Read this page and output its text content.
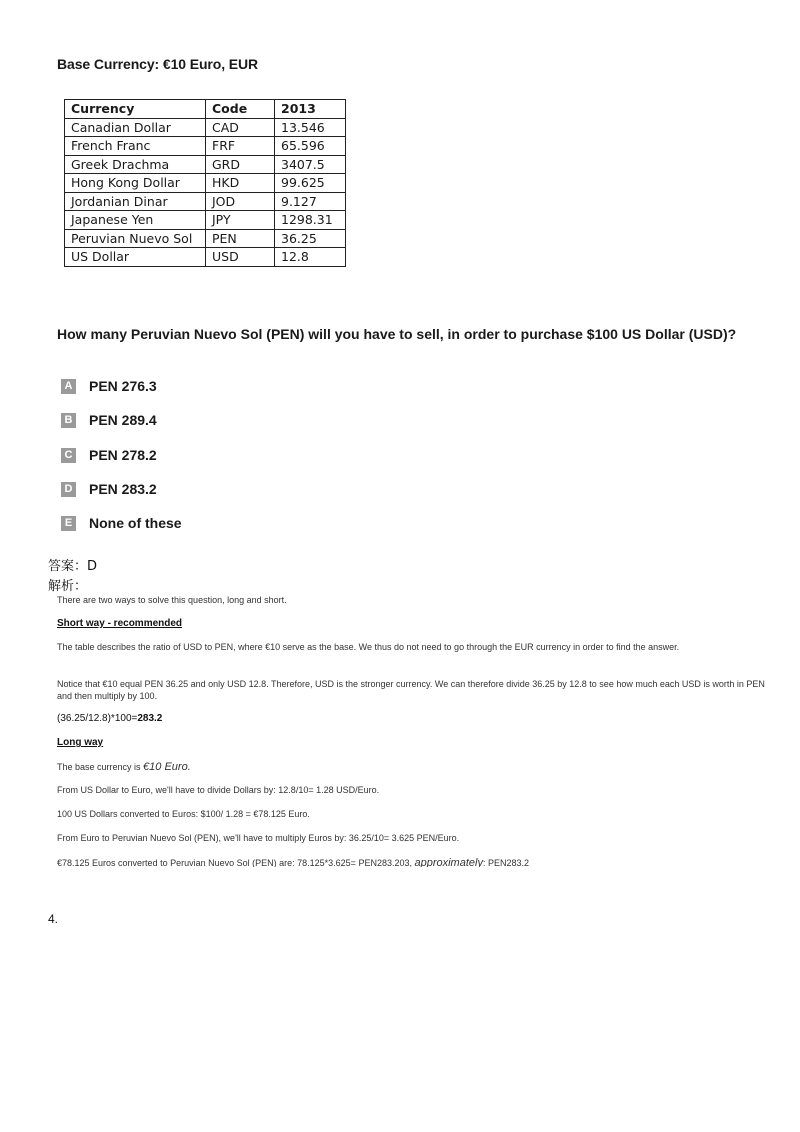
Base Currency: €10 Euro, EUR
Currency	Code	2013
Canadian Dollar	CAD	13.546
French Franc	FRF	65.596
Greek Drachma	GRD	3407.5
Hong Kong Dollar	HKD	99.625
Jordanian Dinar	JOD	9.127
Japanese Yen	JPY	1298.31
Peruvian Nuevo Sol	PEN	36.25
US Dollar	USD	12.8
How many Peruvian Nuevo Sol (PEN) will you have to sell, in order to purchase $100 US Dollar (USD)?
A PEN 276.3
B PEN 289.4
C PEN 278.2
D PEN 283.2
E None of these
答案：D
解析：
There are two ways to solve this question, long and short.
Short way - recommended
The table describes the ratio of USD to PEN, where €10 serve as the base. We thus do not need to go through the EUR currency in order to find the answer.
Notice that €10 equal PEN 36.25 and only USD 12.8. Therefore, USD is the stronger currency. We can therefore divide 36.25 by 12.8 to see how much each USD is worth in PEN and then multiply by 100.
(36.25/12.8)*100=283.2
Long way
The base currency is €10 Euro.
From US Dollar to Euro, we'll have to divide Dollars by: 12.8/10= 1.28 USD/Euro.
100 US Dollars converted to Euros: $100/ 1.28 = €78.125 Euro.
From Euro to Peruvian Nuevo Sol (PEN), we'll have to multiply Euros by: 36.25/10= 3.625 PEN/Euro.
€78.125 Euros converted to Peruvian Nuevo Sol (PEN) are: 78.125*3.625= PEN283.203, approximately: PEN283.2
4.
